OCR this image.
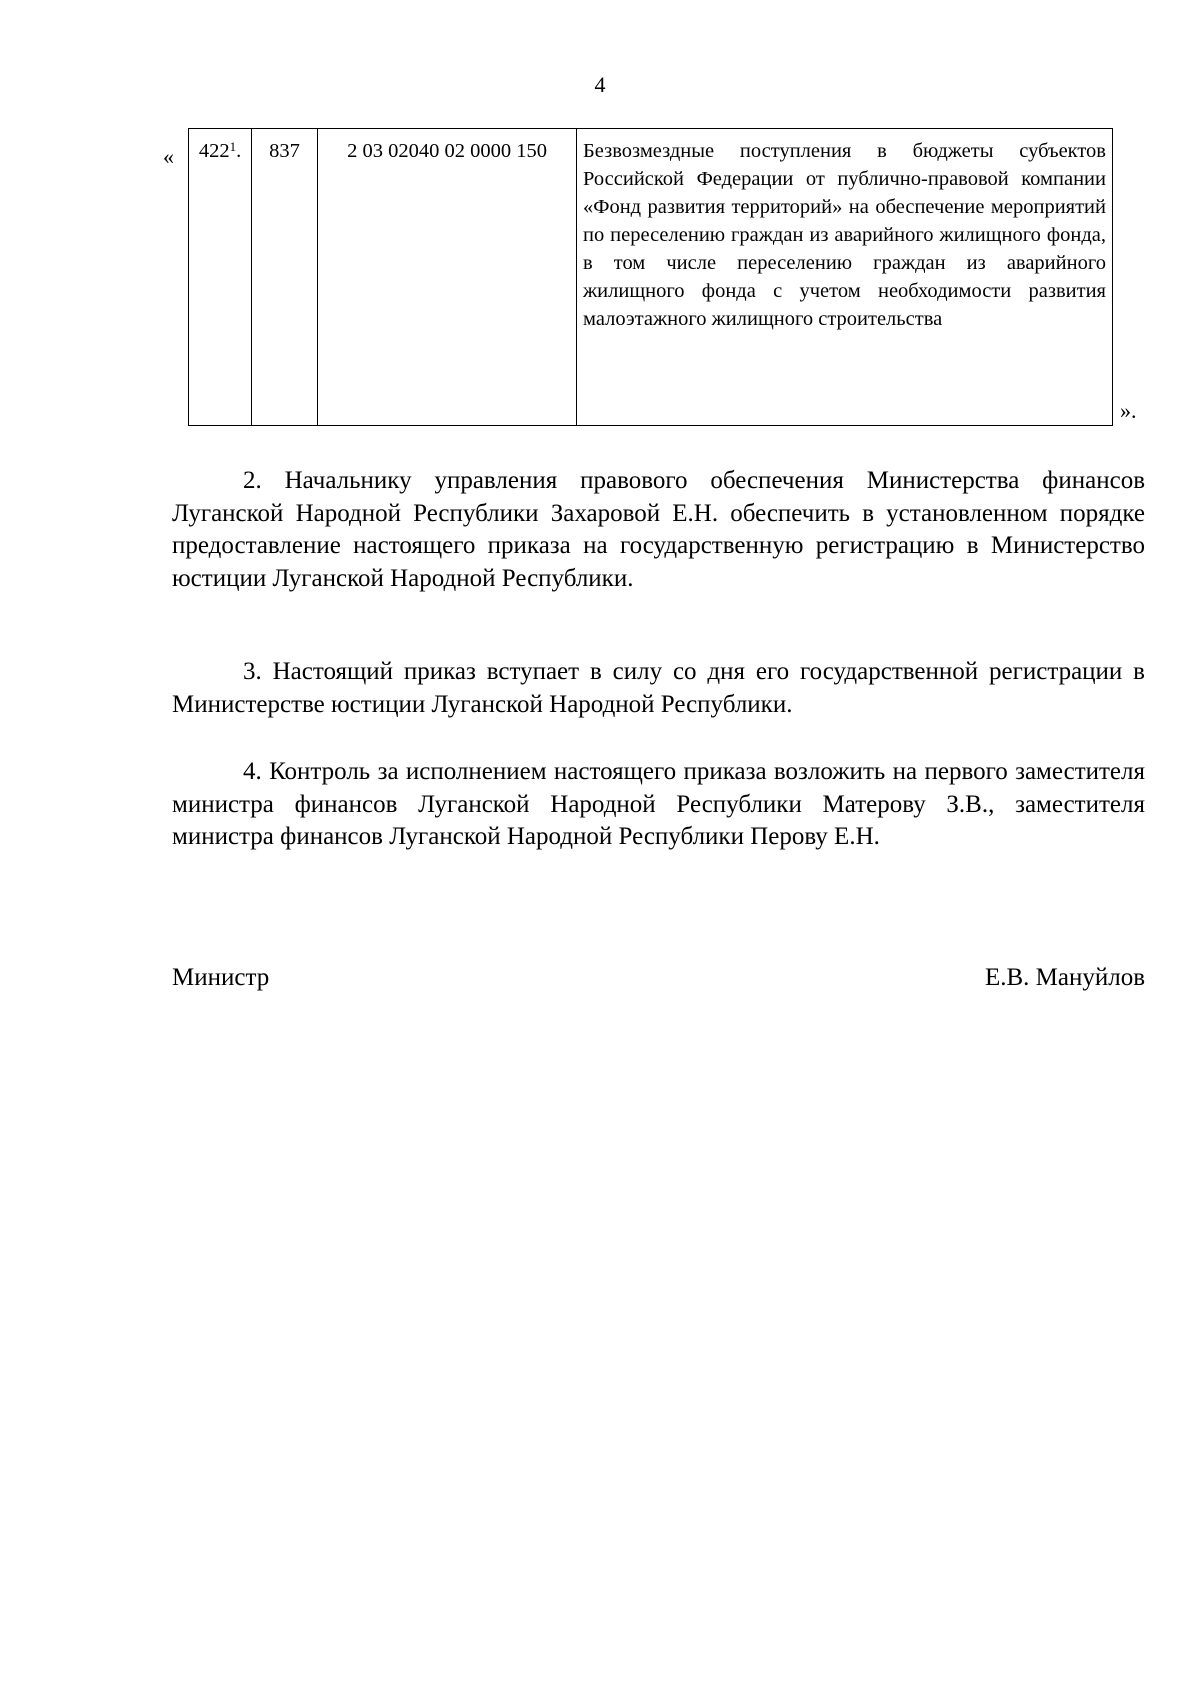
4
« $422^1$.	837	2 03 02040 02 0000 150	Безвозмездные поступления в бюджеты субъектов Российской Федерации от публично-правовой компании «Фонд развития территорий» на обеспечение мероприятий по переселению граждан из аварийного жилищного фонда, в том числе переселению граждан из аварийного жилищного фонда с учетом необходимости развития малоэтажного жилищного строительства
».

2. Начальнику управления правового обеспечения Министерства финансов Луганской Народной Республики Захаровой Е.Н. обеспечить в установленном порядке предоставление настоящего приказа на государственную регистрацию в Министерство юстиции Луганской Народной Республики.

3. Настоящий приказ вступает в силу со дня его государственной регистрации в Министерстве юстиции Луганской Народной Республики.

4. Контроль за исполнением настоящего приказа возложить на первого заместителя министра финансов Луганской Народной Республики Матерову З.В., заместителя министра финансов Луганской Народной Республики Перову Е.Н.

Министр	Е.В. Мануйлов
